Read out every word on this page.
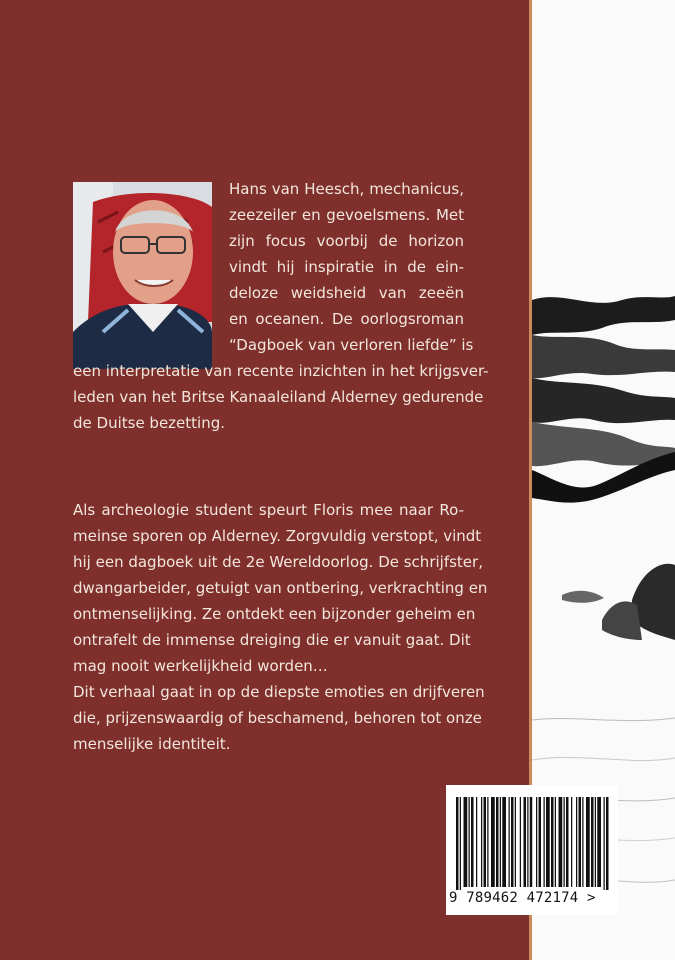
Hans van Heesch, mechanicus,
zeezeiler en gevoelsmens. Met
zijn focus voorbij de horizon
vindt hij inspiratie in de ein-
deloze weidsheid van zeeën
en oceanen. De oorlogsroman
“Dagboek van verloren liefde” is
een interpretatie van recente inzichten in het krijgsver-
leden van het Britse Kanaaleiland Alderney gedurende
de Duitse bezetting.
Als archeologie student speurt Floris mee naar Ro-
meinse sporen op Alderney. Zorgvuldig verstopt, vindt
hij een dagboek uit de 2e Wereldoorlog. De schrijfster,
dwangarbeider, getuigt van ontbering, verkrachting en
ontmenselijking. Ze ontdekt een bijzonder geheim en
ontrafelt de immense dreiging die er vanuit gaat. Dit
mag nooit werkelijkheid worden…
Dit verhaal gaat in op de diepste emoties en drijfveren
die, prijzenswaardig of beschamend, behoren tot onze
menselijke identiteit.
9 789462 472174 >
